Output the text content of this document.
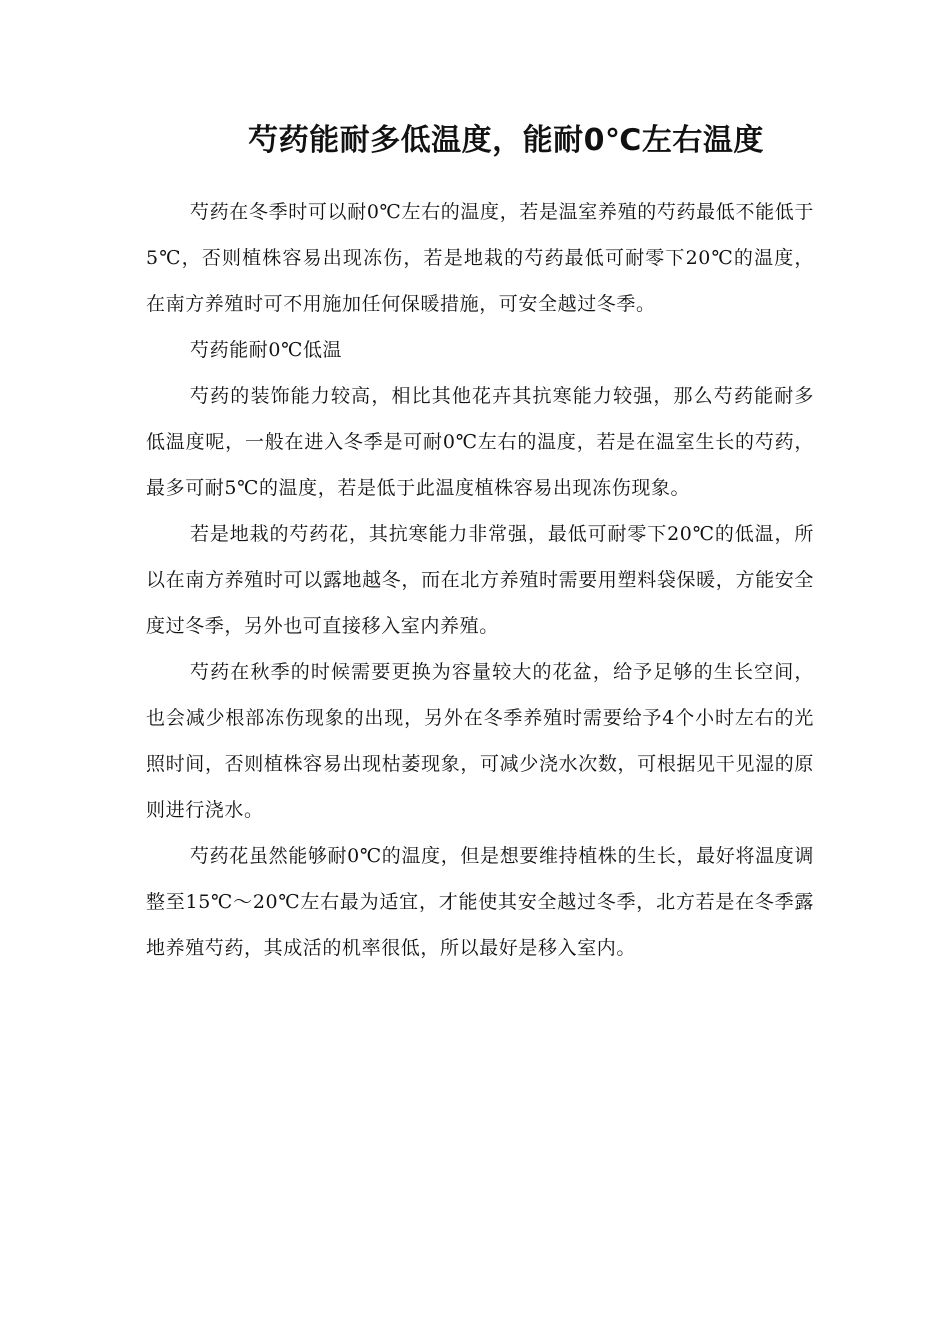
芍药能耐多低温度，能耐0℃左右温度

芍药在冬季时可以耐0℃左右的温度，若是温室养殖的芍药最低不能低于5℃，否则植株容易出现冻伤，若是地栽的芍药最低可耐零下20℃的温度，在南方养殖时可不用施加任何保暖措施，可安全越过冬季。

芍药能耐0℃低温

芍药的装饰能力较高，相比其他花卉其抗寒能力较强，那么芍药能耐多低温度呢，一般在进入冬季是可耐0℃左右的温度，若是在温室生长的芍药，最多可耐5℃的温度，若是低于此温度植株容易出现冻伤现象。

若是地栽的芍药花，其抗寒能力非常强，最低可耐零下20℃的低温，所以在南方养殖时可以露地越冬，而在北方养殖时需要用塑料袋保暖，方能安全度过冬季，另外也可直接移入室内养殖。

芍药在秋季的时候需要更换为容量较大的花盆，给予足够的生长空间，也会减少根部冻伤现象的出现，另外在冬季养殖时需要给予4个小时左右的光照时间，否则植株容易出现枯萎现象，可减少浇水次数，可根据见干见湿的原则进行浇水。

芍药花虽然能够耐0℃的温度，但是想要维持植株的生长，最好将温度调整至15℃～20℃左右最为适宜，才能使其安全越过冬季，北方若是在冬季露地养殖芍药，其成活的机率很低，所以最好是移入室内。
